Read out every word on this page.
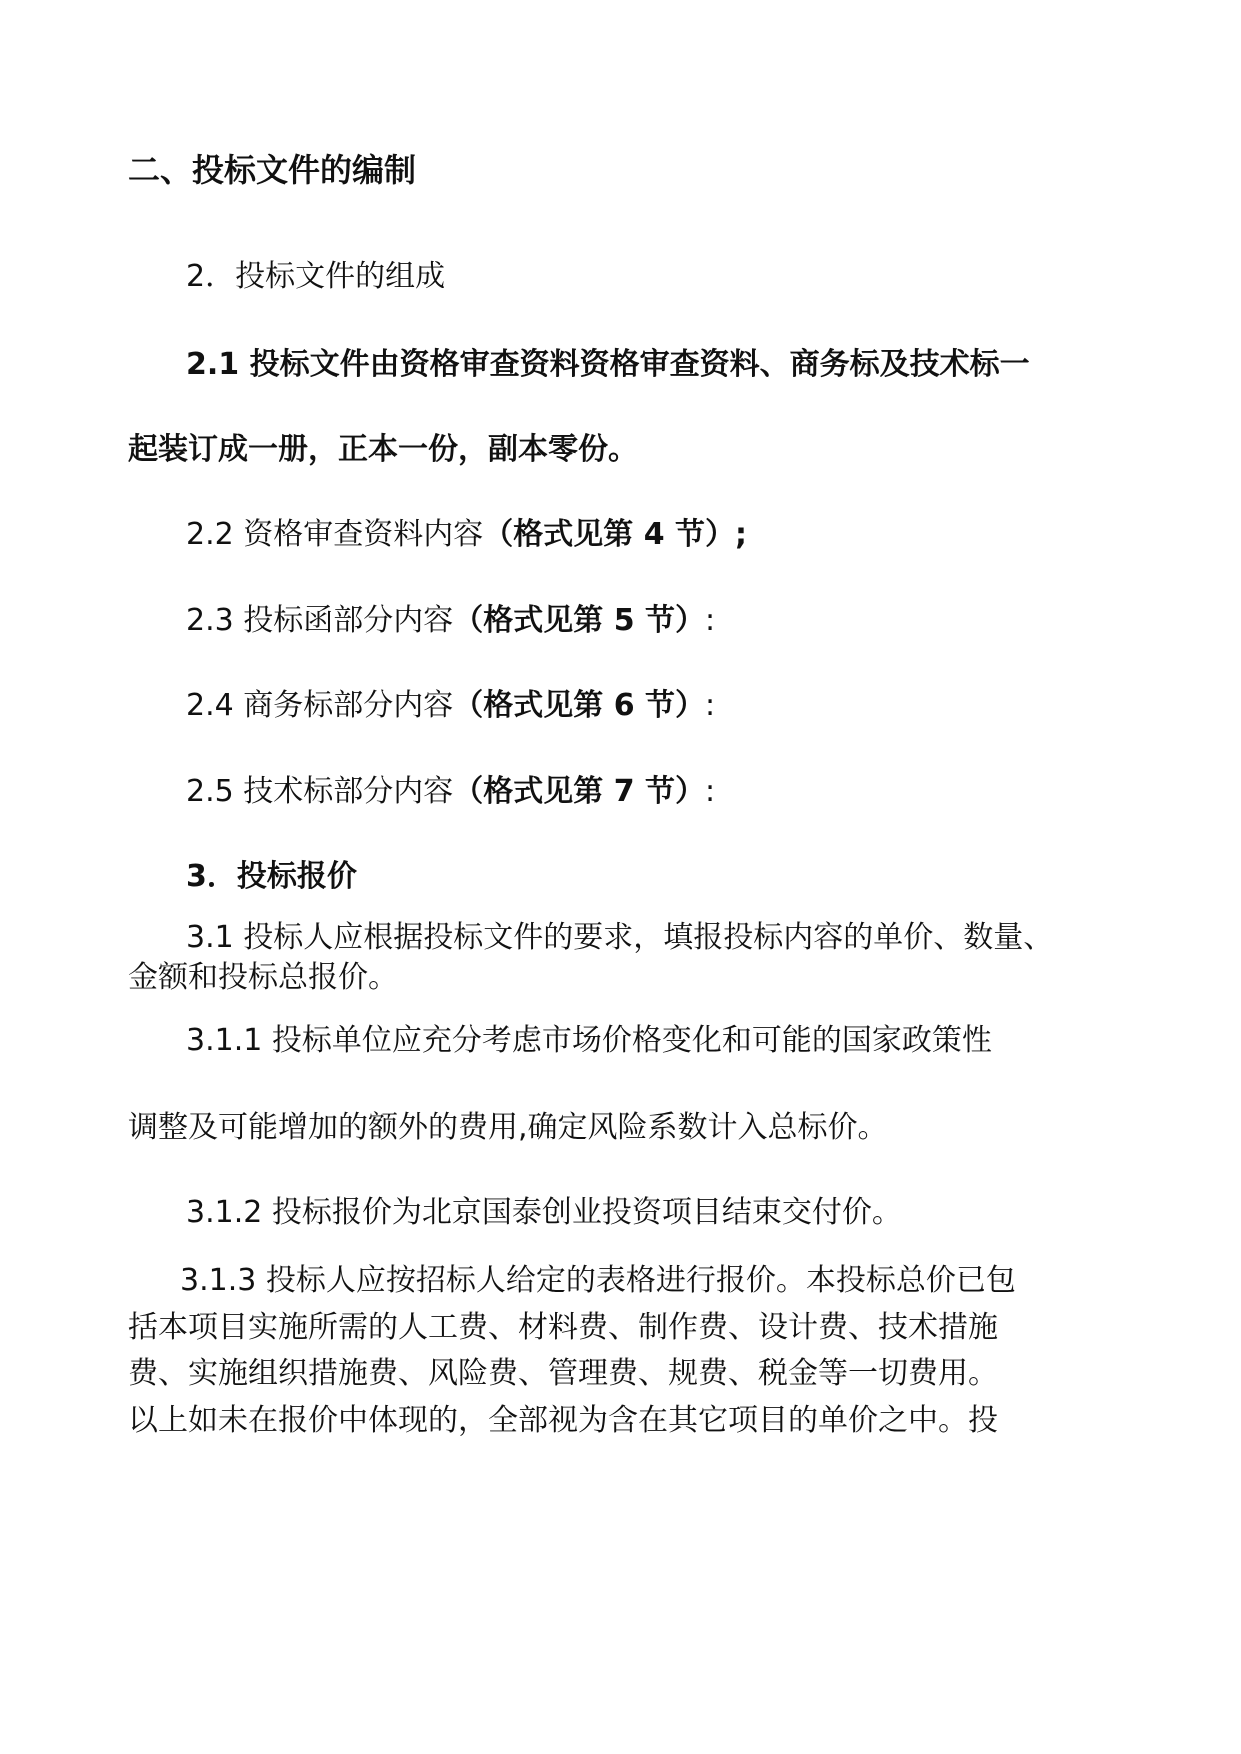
二、投标文件的编制
2．投标文件的组成
2.1 投标文件由资格审查资料资格审查资料、商务标及技术标一
起装订成一册，正本一份，副本零份。
2.2 资格审查资料内容（格式见第 4 节）;
2.3 投标函部分内容（格式见第 5 节）:
2.4 商务标部分内容（格式见第 6 节）:
2.5 技术标部分内容（格式见第 7 节）:
3．投标报价
3.1 投标人应根据投标文件的要求，填报投标内容的单价、数量、
金额和投标总报价。
3.1.1 投标单位应充分考虑市场价格变化和可能的国家政策性
调整及可能增加的额外的费用,确定风险系数计入总标价。
3.1.2 投标报价为北京国泰创业投资项目结束交付价。
3.1.3 投标人应按招标人给定的表格进行报价。本投标总价已包
括本项目实施所需的人工费、材料费、制作费、设计费、技术措施
费、实施组织措施费、风险费、管理费、规费、税金等一切费用。
以上如未在报价中体现的，全部视为含在其它项目的单价之中。投
